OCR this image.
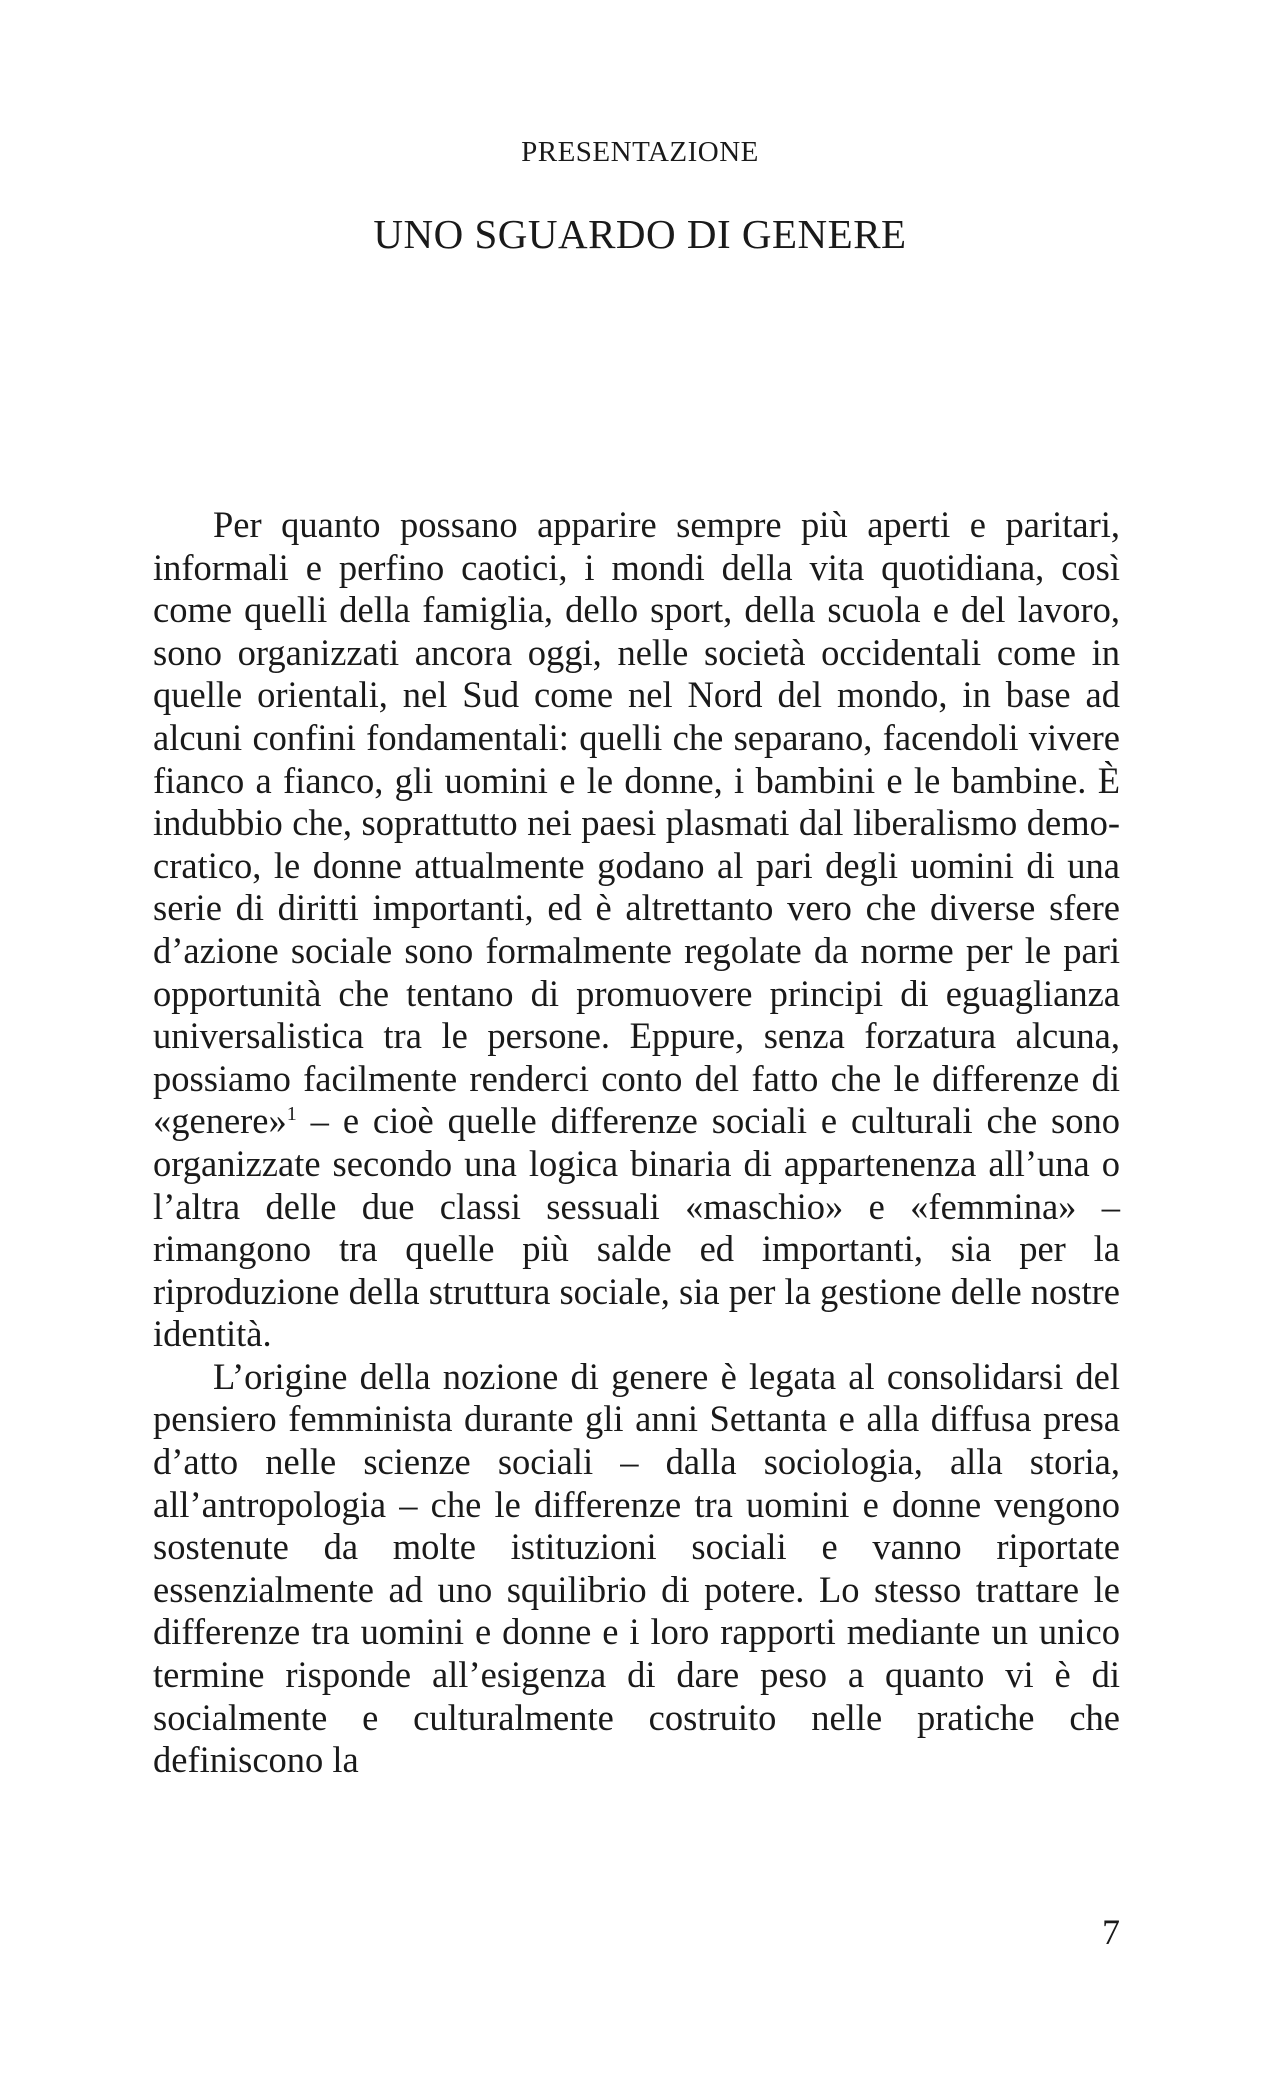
PRESENTAZIONE
UNO SGUARDO DI GENERE

Per quanto possano apparire sempre più aperti e paritari, informali e perfino caotici, i mondi della vita quotidiana, così come quelli della famiglia, dello sport, della scuola e del lavoro, sono organizzati ancora oggi, nelle società occidentali come in quelle orientali, nel Sud come nel Nord del mondo, in base ad alcuni confini fondamentali: quelli che separano, facendoli vivere fianco a fianco, gli uomini e le donne, i bambini e le bambine. È indubbio che, soprattutto nei paesi plasmati dal liberalismo democratico, le donne attualmente godano al pari degli uomini di una serie di diritti importanti, ed è altrettanto vero che diverse sfere d’azione sociale sono formalmente regolate da norme per le pari opportunità che tentano di promuovere principi di eguaglianza universalistica tra le persone. Eppure, senza forzatura alcuna, possiamo facilmente renderci conto del fatto che le differenze di «genere»$^1$ – e cioè quelle differenze sociali e culturali che sono organizzate secondo una logica binaria di appartenenza all’una o l’altra delle due classi sessuali «maschio» e «femmina» – rimangono tra quelle più salde ed importanti, sia per la riproduzione della struttura sociale, sia per la gestione delle nostre identità.

L’origine della nozione di genere è legata al consolidarsi del pensiero femminista durante gli anni Settanta e alla diffusa presa d’atto nelle scienze sociali – dalla sociologia, alla storia, all’antropologia – che le differenze tra uomini e donne vengono sostenute da molte istituzioni sociali e vanno riportate essenzialmente ad uno squilibrio di potere. Lo stesso trattare le differenze tra uomini e donne e i loro rapporti mediante un unico termine risponde all’esigenza di dare peso a quanto vi è di socialmente e culturalmente costruito nelle pratiche che definiscono la

7
